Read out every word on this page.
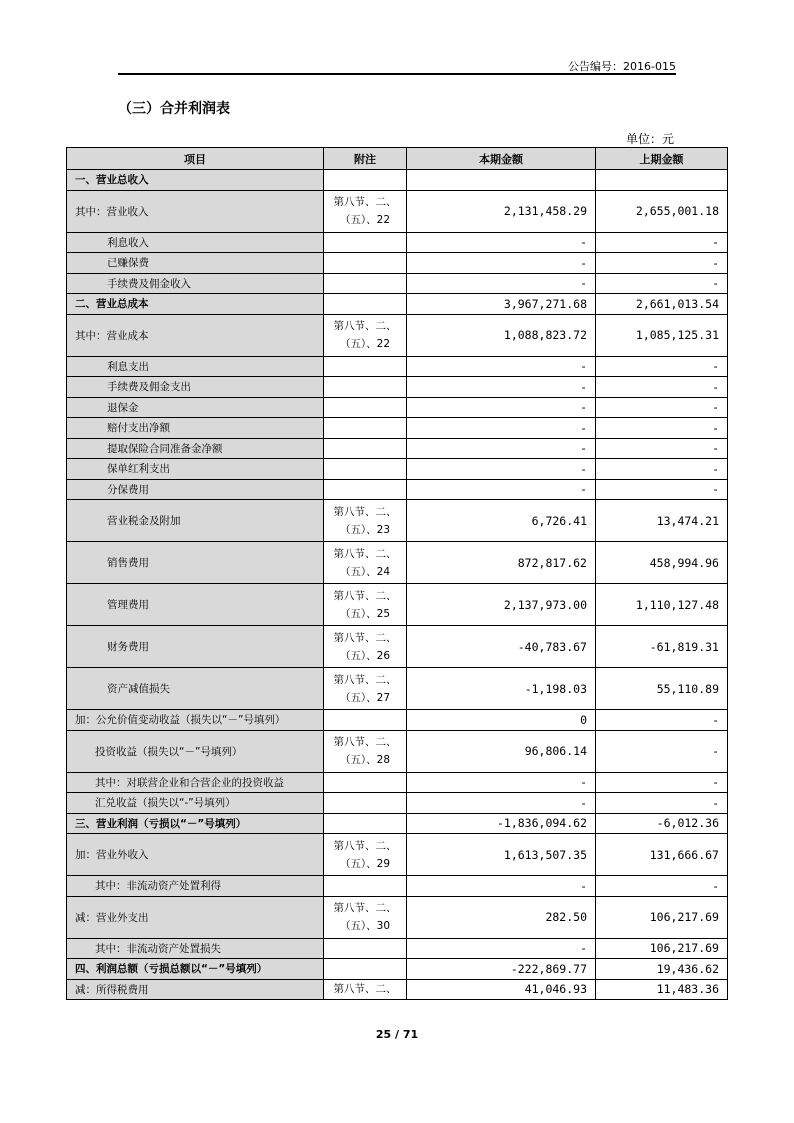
公告编号：2016-015
（三）合并利润表
单位：元
项目	附注	本期金额	上期金额
一、营业总收入			
其中：营业收入	第八节、二、（五）、22	2,131,458.29	2,655,001.18
利息收入		-	-
已赚保费		-	-
手续费及佣金收入		-	-
二、营业总成本		3,967,271.68	2,661,013.54
其中：营业成本	第八节、二、（五）、22	1,088,823.72	1,085,125.31
利息支出		-	-
手续费及佣金支出		-	-
退保金		-	-
赔付支出净额		-	-
提取保险合同准备金净额		-	-
保单红利支出		-	-
分保费用		-	-
营业税金及附加	第八节、二、（五）、23	6,726.41	13,474.21
销售费用	第八节、二、（五）、24	872,817.62	458,994.96
管理费用	第八节、二、（五）、25	2,137,973.00	1,110,127.48
财务费用	第八节、二、（五）、26	-40,783.67	-61,819.31
资产减值损失	第八节、二、（五）、27	-1,198.03	55,110.89
加：公允价值变动收益（损失以“－”号填列）		0	-
投资收益（损失以“－”号填列）	第八节、二、（五）、28	96,806.14	-
其中：对联营企业和合营企业的投资收益		-	-
汇兑收益（损失以“-”号填列）		-	-
三、营业利润（亏损以“－”号填列）		-1,836,094.62	-6,012.36
加：营业外收入	第八节、二、（五）、29	1,613,507.35	131,666.67
其中：非流动资产处置利得		-	-
减：营业外支出	第八节、二、（五）、30	282.50	106,217.69
其中：非流动资产处置损失		-	106,217.69
四、利润总额（亏损总额以“－”号填列）		-222,869.77	19,436.62
减：所得税费用	第八节、二、	41,046.93	11,483.36
25 / 71
